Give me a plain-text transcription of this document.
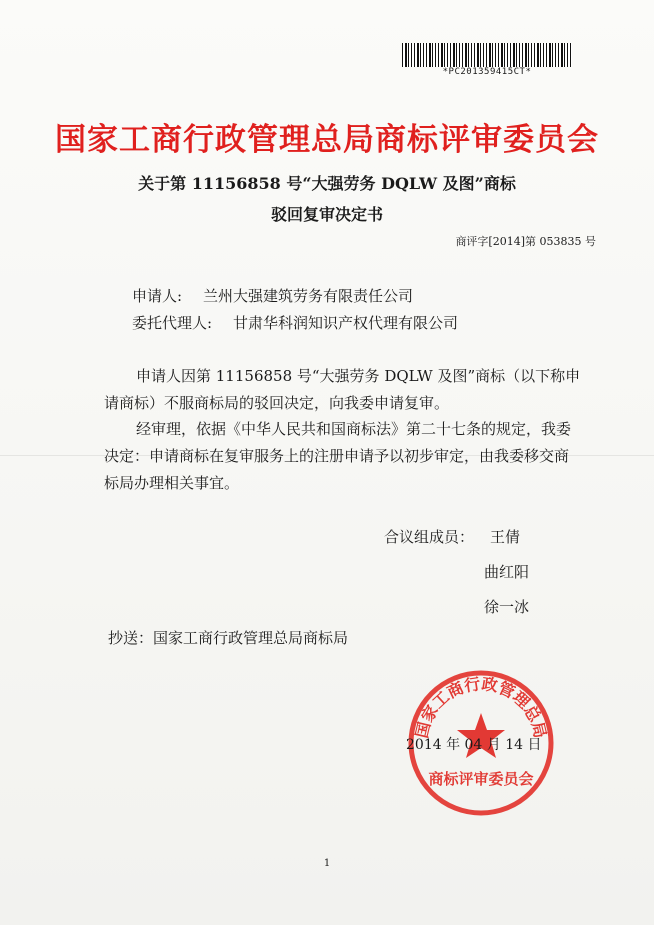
*PC201359415CT*
国家工商行政管理总局商标评审委员会
关于第 11156858 号“大强劳务 DQLW 及图”商标
驳回复审决定书
商评字[2014]第 053835 号
申请人: 兰州大强建筑劳务有限责任公司
委托代理人: 甘肃华科润知识产权代理有限公司
申请人因第 11156858 号“大强劳务 DQLW 及图”商标（以下称申
请商标）不服商标局的驳回决定，向我委申请复审。
经审理，依据《中华人民共和国商标法》第二十七条的规定，我委
决定：申请商标在复审服务上的注册申请予以初步审定，由我委移交商
标局办理相关事宜。
合议组成员： 王倩
曲红阳
徐一冰
抄送：国家工商行政管理总局商标局
国家工商行政管理总局
商标评审委员会
2014 年 04 月 14 日
1
